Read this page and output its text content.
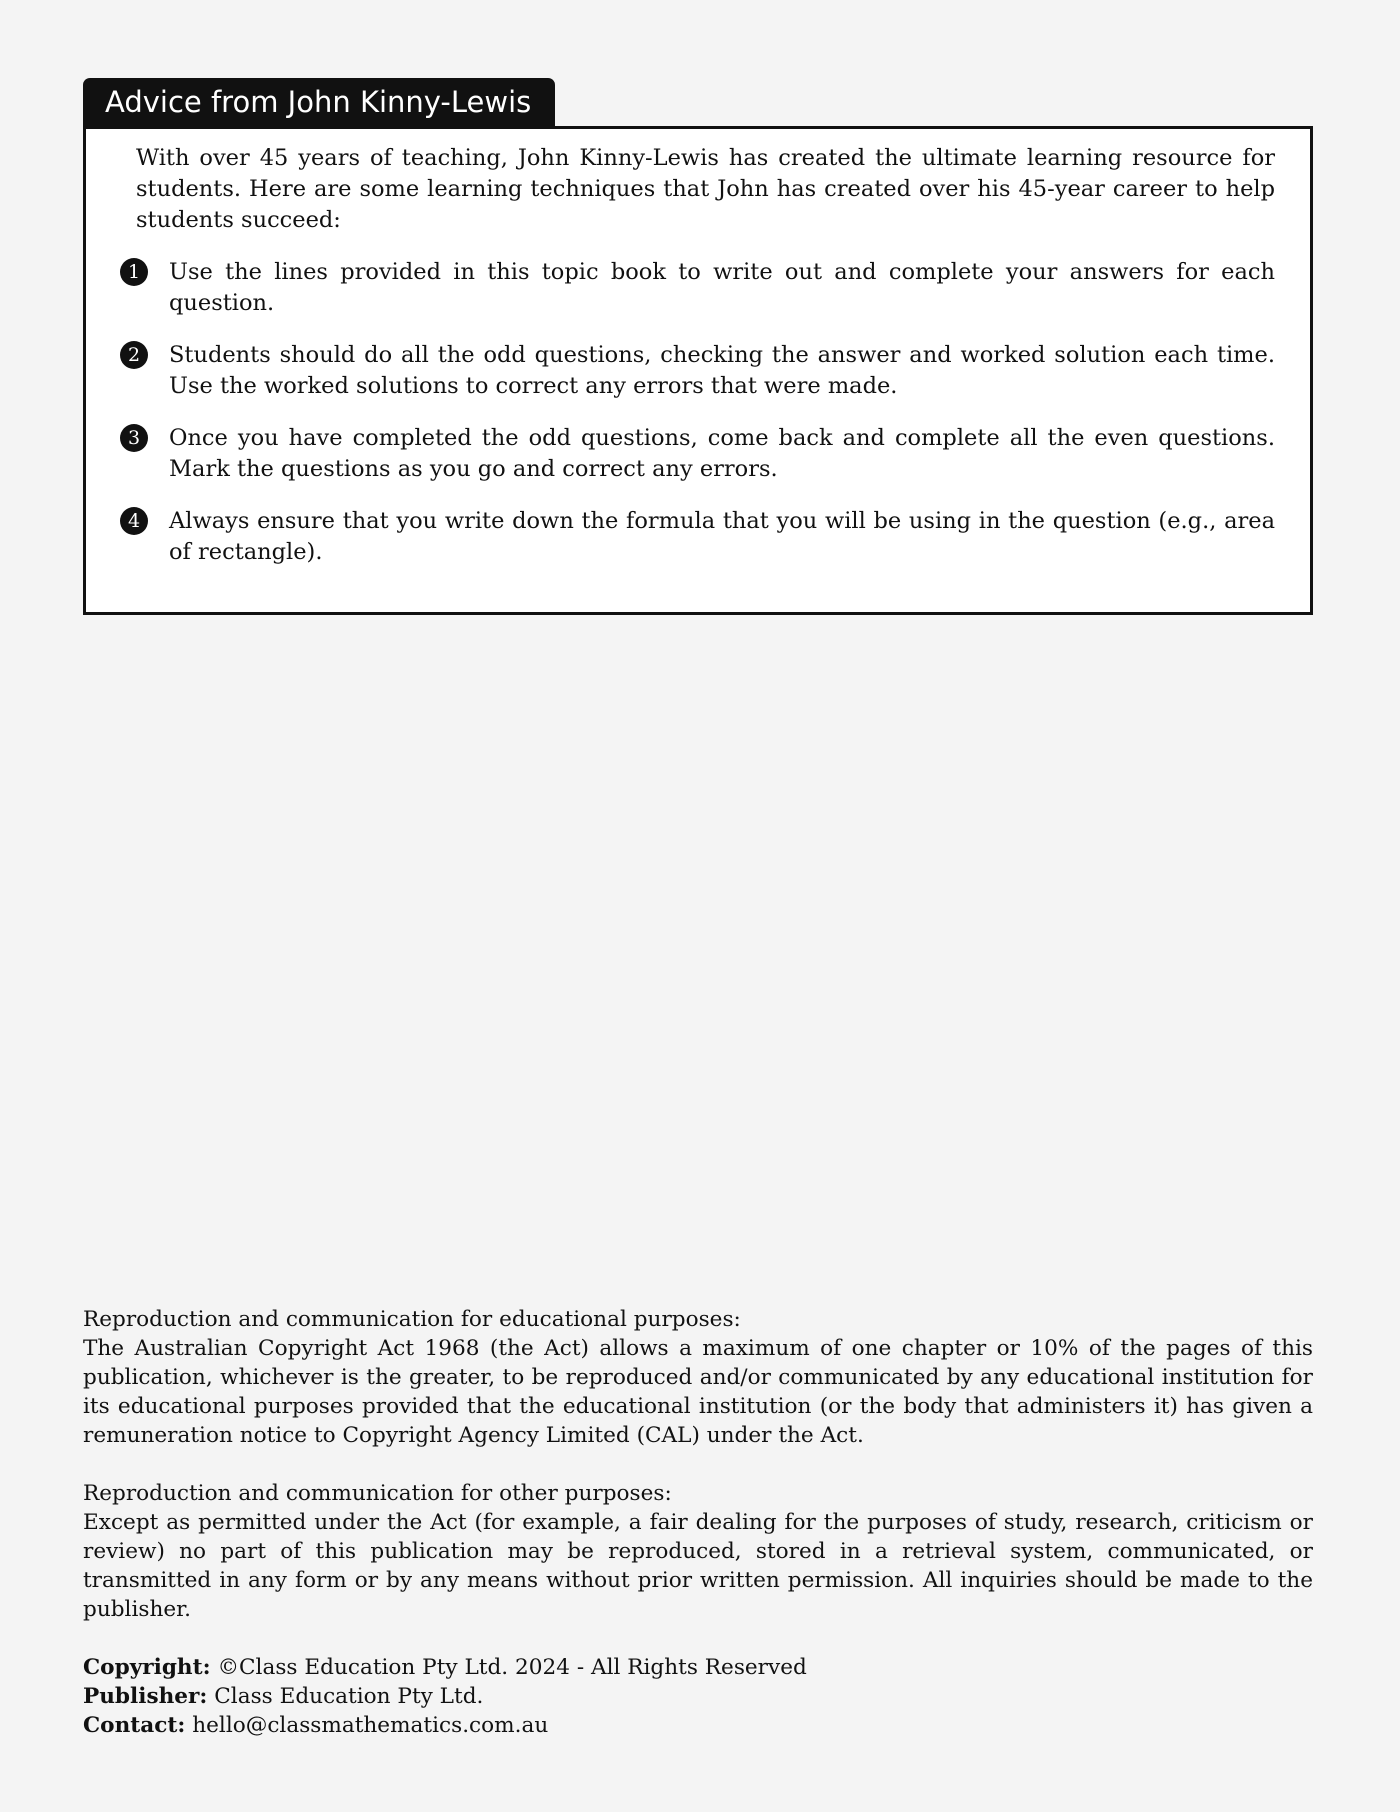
Advice from John Kinny-Lewis

With over 45 years of teaching, John Kinny-Lewis has created the ultimate learning resource for students. Here are some learning techniques that John has created over his 45-year career to help students succeed:

1	Use the lines provided in this topic book to write out and complete your answers for each question.
2	Students should do all the odd questions, checking the answer and worked solution each time. Use the worked solutions to correct any errors that were made.
3	Once you have completed the odd questions, come back and complete all the even questions. Mark the questions as you go and correct any errors.
4	Always ensure that you write down the formula that you will be using in the question (e.g., area of rectangle).

Reproduction and communication for educational purposes:

The Australian Copyright Act 1968 (the Act) allows a maximum of one chapter or 10% of the pages of this publication, whichever is the greater, to be reproduced and/or communicated by any educational institution for its educational purposes provided that the educational institution (or the body that administers it) has given a remuneration notice to Copyright Agency Limited (CAL) under the Act.

Reproduction and communication for other purposes:

Except as permitted under the Act (for example, a fair dealing for the purposes of study, research, criticism or review) no part of this publication may be reproduced, stored in a retrieval system, communicated, or transmitted in any form or by any means without prior written permission. All inquiries should be made to the publisher.

Copyright: ©Class Education Pty Ltd. 2024 - All Rights Reserved

Publisher: Class Education Pty Ltd.

Contact: hello@classmathematics.com.au
